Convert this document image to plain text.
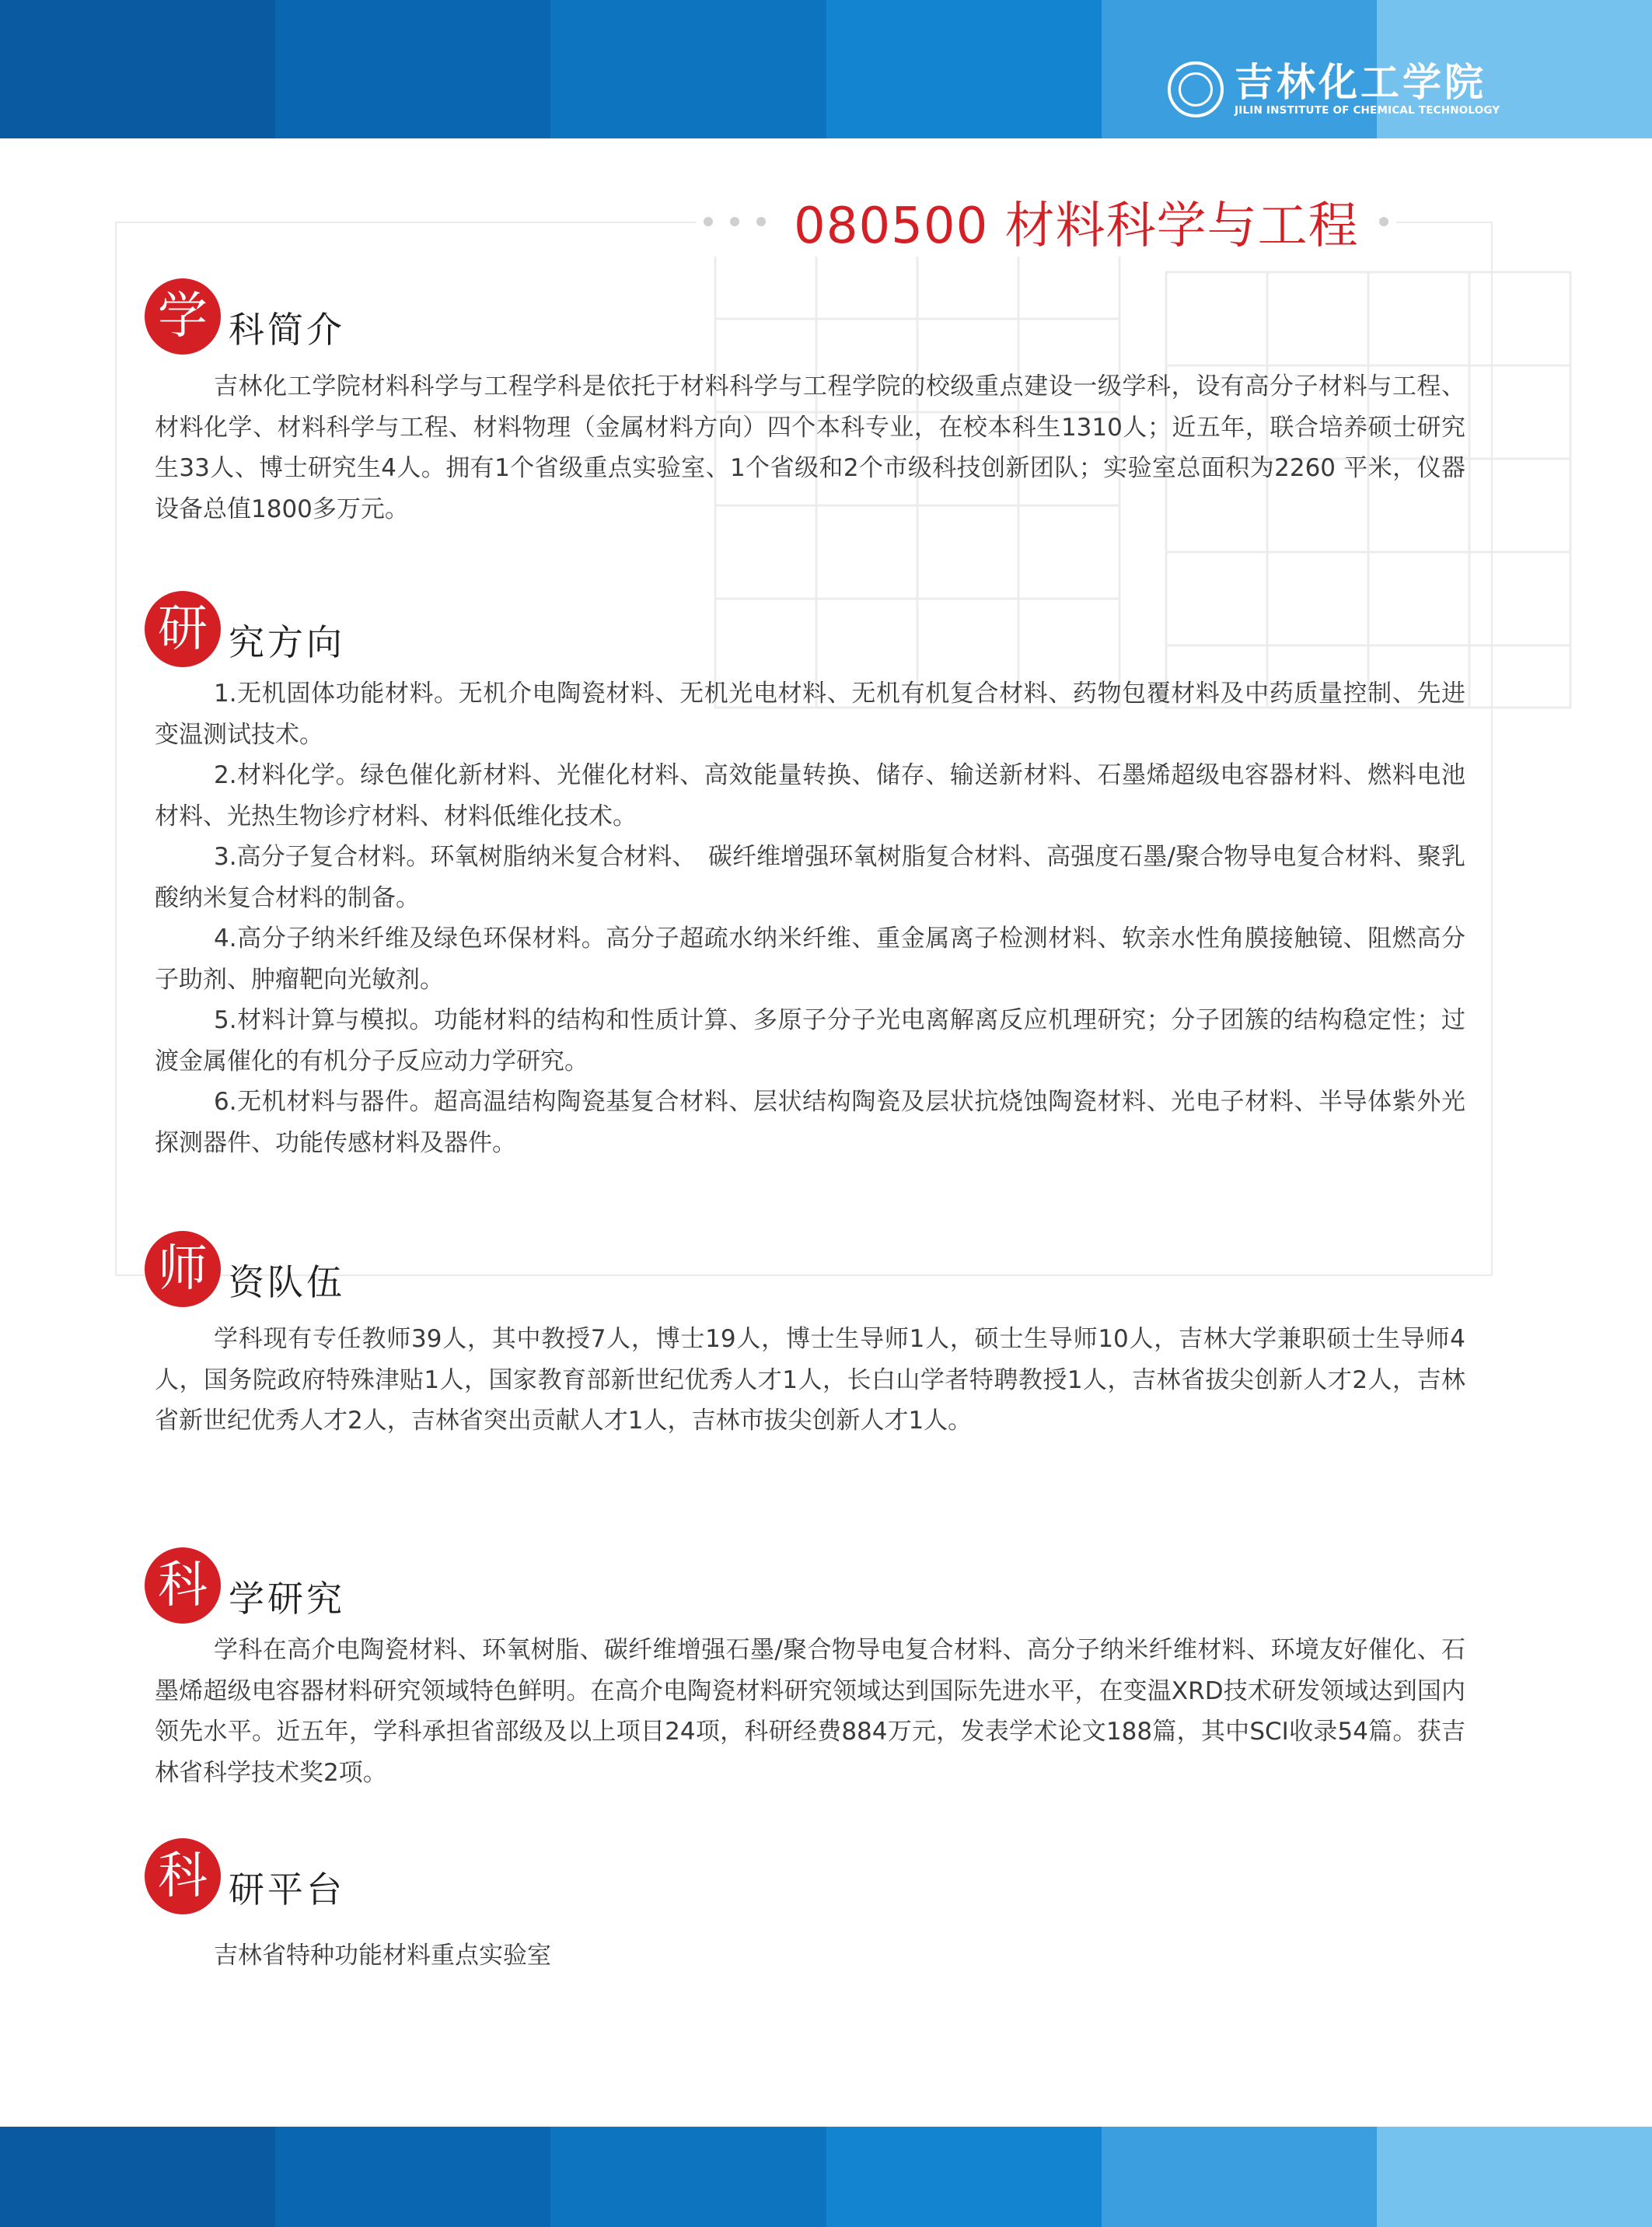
吉林化工学院
JILIN INSTITUTE OF CHEMICAL TECHNOLOGY
080500 材料科学与工程
学 科简介

吉林化工学院材料科学与工程学科是依托于材料科学与工程学院的校级重点建设一级学科，设有高分子材料与工程、材料化学、材料科学与工程、材料物理（金属材料方向）四个本科专业，在校本科生1310人；近五年，联合培养硕士研究生33人、博士研究生4人。拥有1个省级重点实验室、1个省级和2个市级科技创新团队；实验室总面积为2260 平米，仪器设备总值1800多万元。

研 究方向

1.无机固体功能材料。无机介电陶瓷材料、无机光电材料、无机有机复合材料、药物包覆材料及中药质量控制、先进变温测试技术。

2.材料化学。绿色催化新材料、光催化材料、高效能量转换、储存、输送新材料、石墨烯超级电容器材料、燃料电池材料、光热生物诊疗材料、材料低维化技术。

3.高分子复合材料。环氧树脂纳米复合材料、　碳纤维增强环氧树脂复合材料、高强度石墨/聚合物导电复合材料、聚乳酸纳米复合材料的制备。

4.高分子纳米纤维及绿色环保材料。高分子超疏水纳米纤维、重金属离子检测材料、软亲水性角膜接触镜、阻燃高分子助剂、肿瘤靶向光敏剂。

5.材料计算与模拟。功能材料的结构和性质计算、多原子分子光电离解离反应机理研究；分子团簇的结构稳定性；过渡金属催化的有机分子反应动力学研究。

6.无机材料与器件。超高温结构陶瓷基复合材料、层状结构陶瓷及层状抗烧蚀陶瓷材料、光电子材料、半导体紫外光探测器件、功能传感材料及器件。

师 资队伍

学科现有专任教师39人，其中教授7人，博士19人，博士生导师1人，硕士生导师10人，吉林大学兼职硕士生导师4人，国务院政府特殊津贴1人，国家教育部新世纪优秀人才1人，长白山学者特聘教授1人，吉林省拔尖创新人才2人，吉林省新世纪优秀人才2人，吉林省突出贡献人才1人，吉林市拔尖创新人才1人。

科 学研究

学科在高介电陶瓷材料、环氧树脂、碳纤维增强石墨/聚合物导电复合材料、高分子纳米纤维材料、环境友好催化、石墨烯超级电容器材料研究领域特色鲜明。在高介电陶瓷材料研究领域达到国际先进水平，在变温XRD技术研发领域达到国内领先水平。近五年，学科承担省部级及以上项目24项，科研经费884万元，发表学术论文188篇，其中SCI收录54篇。获吉林省科学技术奖2项。

科 研平台

吉林省特种功能材料重点实验室
